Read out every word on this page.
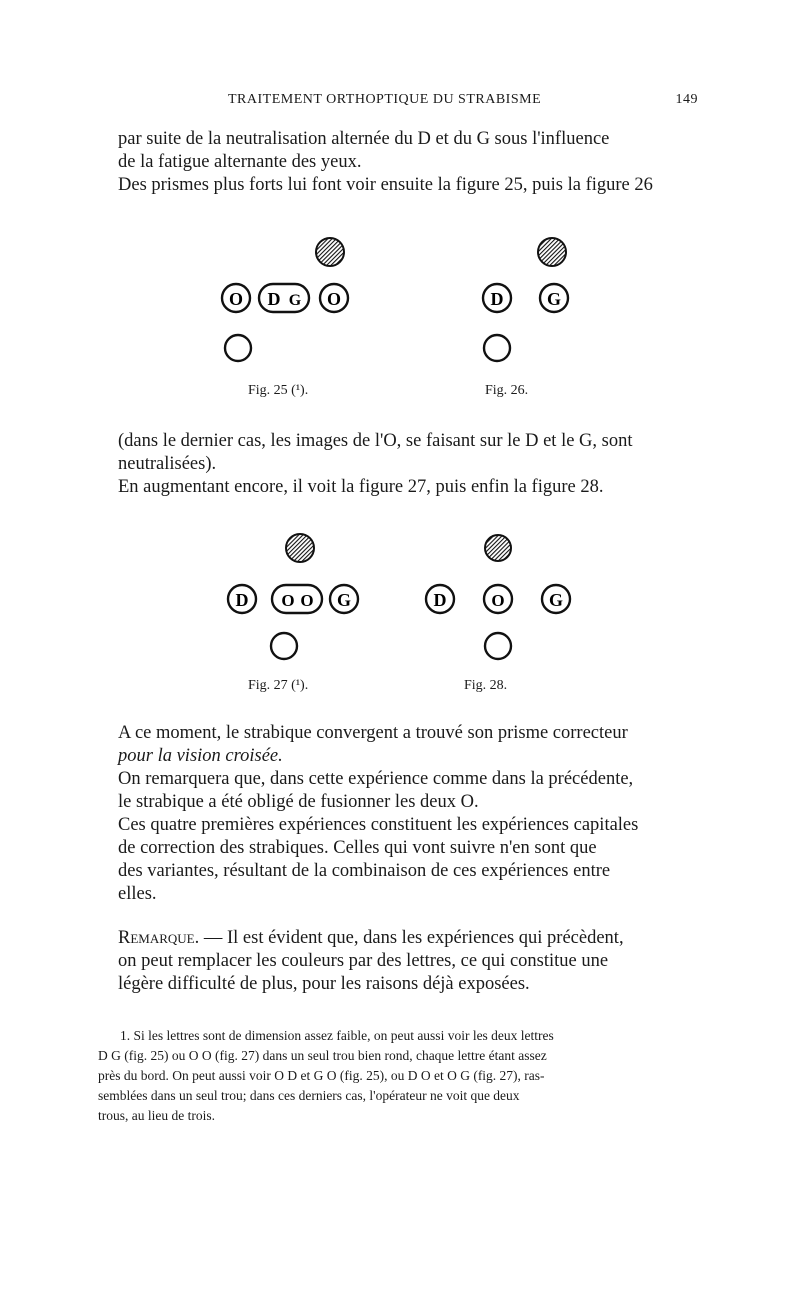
TRAITEMENT ORTHOPTIQUE DU STRABISME	149

par suite de la neutralisation alternée du D et du G sous l'influence

de la fatigue alternante des yeux.

Des prismes plus forts lui font voir ensuite la figure 25, puis la figure 26

O D G O
Fig. 25 (¹).
D G
Fig. 26.

(dans le dernier cas, les images de l'O, se faisant sur le D et le G, sont

neutralisées).

En augmentant encore, il voit la figure 27, puis enfin la figure 28.

D O O G
Fig. 27 (¹).
D	O G
Fig. 28.

A ce moment, le strabique convergent a trouvé son prisme correcteur

pour la vision croisée.

On remarquera que, dans cette expérience comme dans la précédente,

le strabique a été obligé de fusionner les deux O.

Ces quatre premières expériences constituent les expériences capitales

de correction des strabiques. Celles qui vont suivre n'en sont que

des variantes, résultant de la combinaison de ces expériences entre

elles.

Remarque. — Il est évident que, dans les expériences qui précèdent,

on peut remplacer les couleurs par des lettres, ce qui constitue une

légère difficulté de plus, pour les raisons déjà exposées.

1. Si les lettres sont de dimension assez faible, on peut aussi voir les deux lettres

D G (fig. 25) ou O O (fig. 27) dans un seul trou bien rond, chaque lettre étant assez

près du bord. On peut aussi voir O D et G O (fig. 25), ou D O et O G (fig. 27), ras-

semblées dans un seul trou; dans ces derniers cas, l'opérateur ne voit que deux

trous, au lieu de trois.
